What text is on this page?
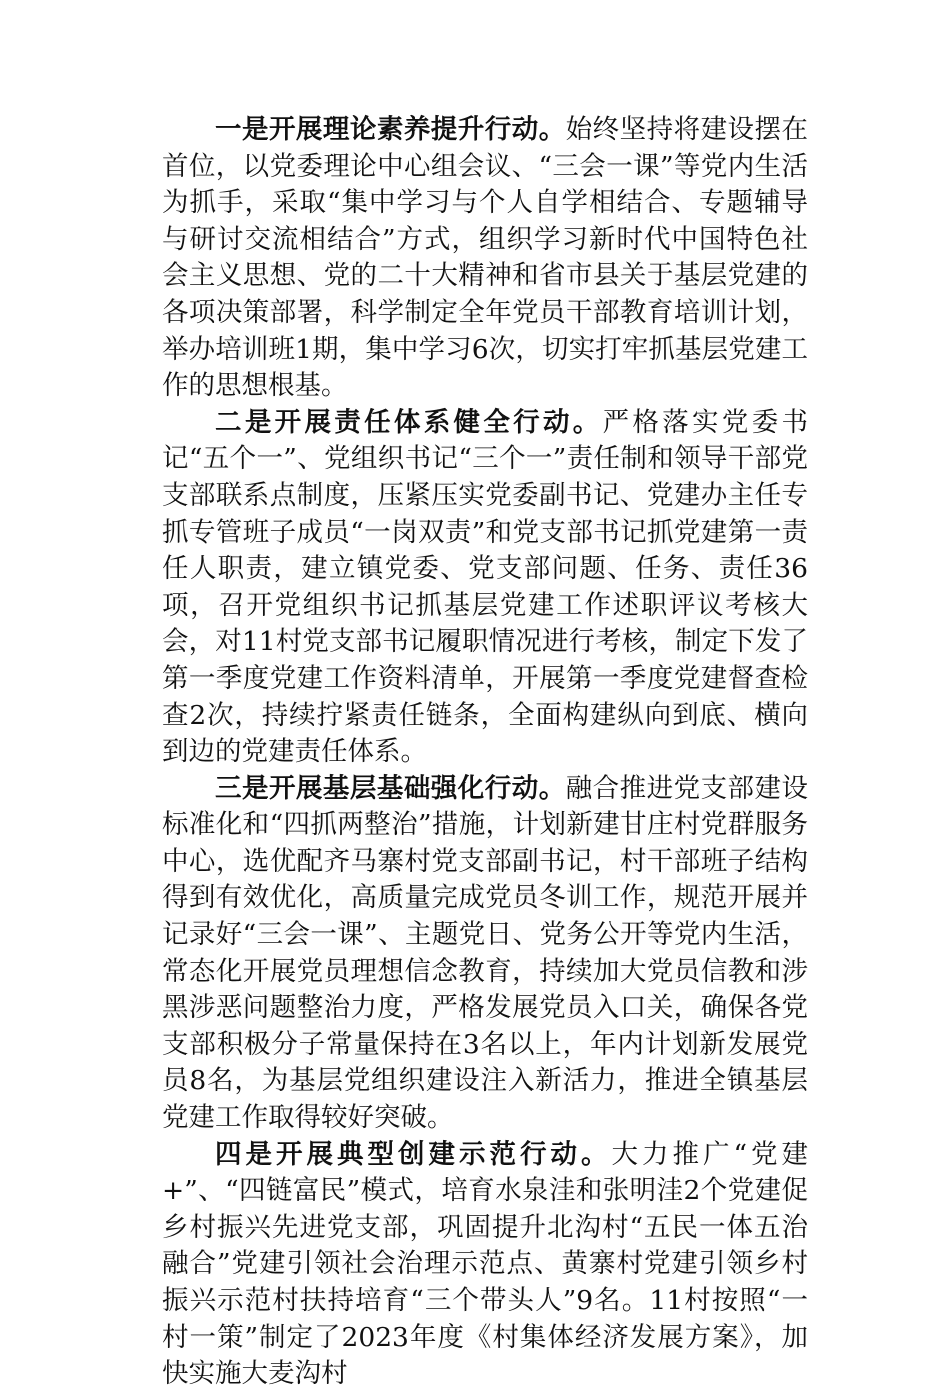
一是开展理论素养提升行动。始终坚持将建设摆在首位，以党委理论中心组会议、“三会一课”等党内生活为抓手，采取“集中学习与个人自学相结合、专题辅导与研讨交流相结合”方式，组织学习新时代中国特色社会主义思想、党的二十大精神和省市县关于基层党建的各项决策部署，科学制定全年党员干部教育培训计划，举办培训班1期，集中学习6次，切实打牢抓基层党建工作的思想根基。

二是开展责任体系健全行动。严格落实党委书记“五个一”、党组织书记“三个一”责任制和领导干部党支部联系点制度，压紧压实党委副书记、党建办主任专抓专管班子成员“一岗双责”和党支部书记抓党建第一责任人职责，建立镇党委、党支部问题、任务、责任36项，召开党组织书记抓基层党建工作述职评议考核大会，对11村党支部书记履职情况进行考核，制定下发了第一季度党建工作资料清单，开展第一季度党建督查检查2次，持续拧紧责任链条，全面构建纵向到底、横向到边的党建责任体系。

三是开展基层基础强化行动。融合推进党支部建设标准化和“四抓两整治”措施，计划新建甘庄村党群服务中心，选优配齐马寨村党支部副书记，村干部班子结构得到有效优化，高质量完成党员冬训工作，规范开展并记录好“三会一课”、主题党日、党务公开等党内生活，常态化开展党员理想信念教育，持续加大党员信教和涉黑涉恶问题整治力度，严格发展党员入口关，确保各党支部积极分子常量保持在3名以上，年内计划新发展党员8名，为基层党组织建设注入新活力，推进全镇基层党建工作取得较好突破。

四是开展典型创建示范行动。大力推广“党建+”、“四链富民”模式，培育水泉洼和张明洼2个党建促乡村振兴先进党支部，巩固提升北沟村“五民一体五治融合”党建引领社会治理示范点、黄寨村党建引领乡村振兴示范村扶持培育“三个带头人”9名。11村按照“一村一策”制定了2023年度《村集体经济发展方案》，加快实施大麦沟村
